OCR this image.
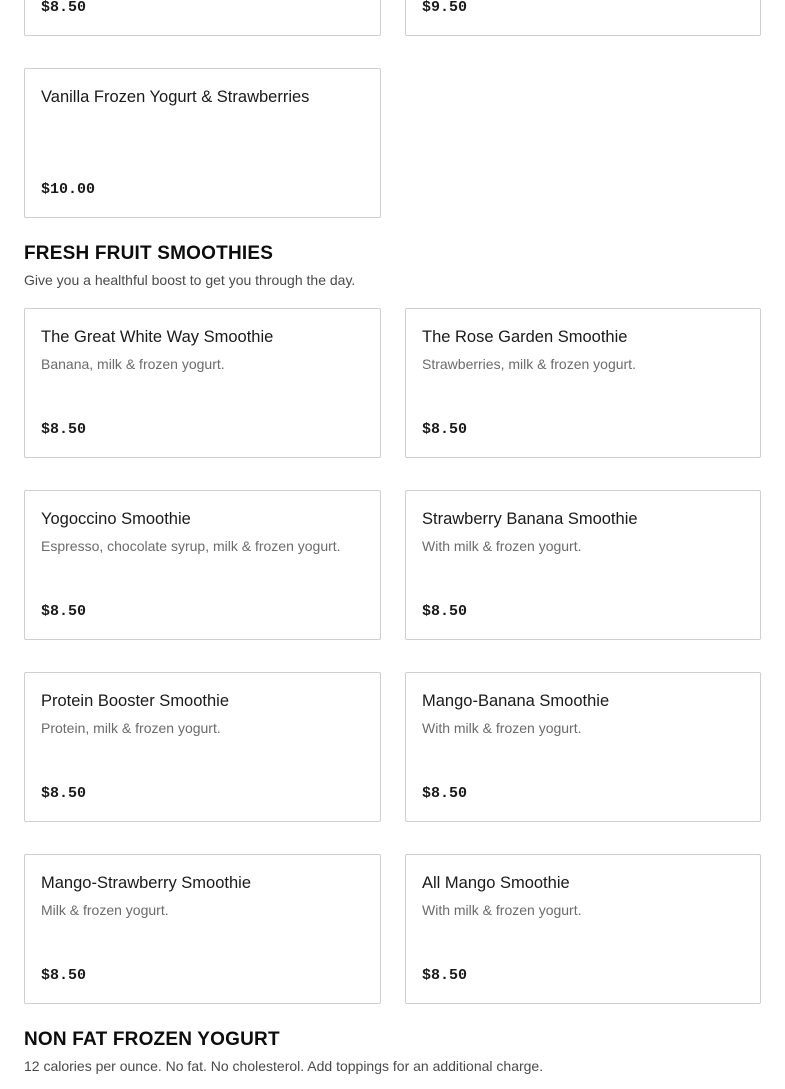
$8.50	$9.50
Vanilla Frozen Yogurt & Strawberries
$10.00
FRESH FRUIT SMOOTHIES

Give you a healthful boost to get you through the day.

The Great White Way Smoothie
Banana, milk & frozen yogurt.
$8.50
The Rose Garden Smoothie
Strawberries, milk & frozen yogurt.
$8.50
Yogoccino Smoothie
Espresso, chocolate syrup, milk & frozen yogurt.
$8.50
Strawberry Banana Smoothie
With milk & frozen yogurt.
$8.50
Protein Booster Smoothie
Protein, milk & frozen yogurt.
$8.50
Mango-Banana Smoothie
With milk & frozen yogurt.
$8.50
Mango-Strawberry Smoothie
Milk & frozen yogurt.
$8.50
All Mango Smoothie
With milk & frozen yogurt.
$8.50
NON FAT FROZEN YOGURT

12 calories per ounce. No fat. No cholesterol. Add toppings for an additional charge.
